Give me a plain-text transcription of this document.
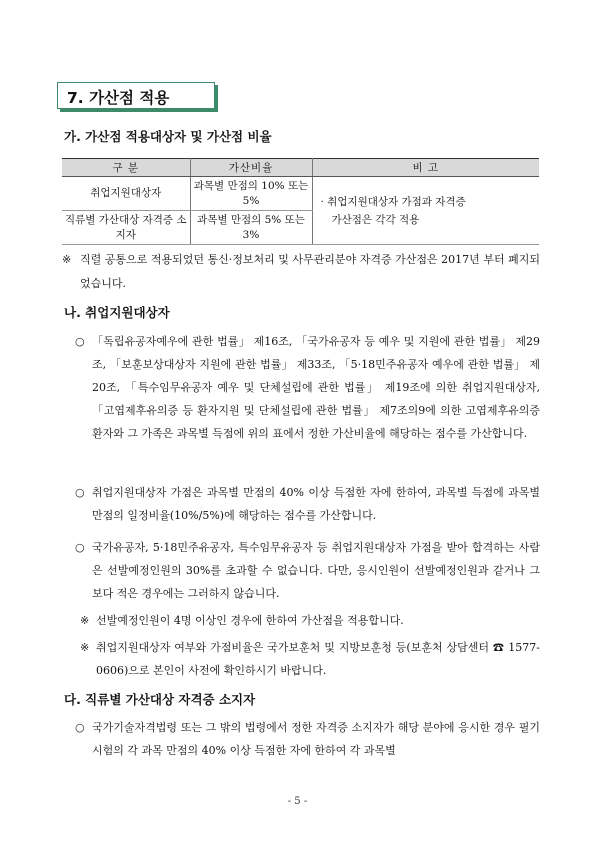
7. 가산점 적용
가. 가산점 적용대상자 및 가산점 비율
구 분	가산비율	비 고
취업지원대상자	과목별 만점의 10% 또는 5%	· 취업지원대상자 가점과 자격증
가산점은 각각 적용

직류별 가산대상 자격증 소지자	과목별 만점의 5% 또는 3%	
※ 직렬 공통으로 적용되었던 통신·정보처리 및 사무관리분야 자격증 가산점은 2017년 부터 폐지되었습니다.
나. 취업지원대상자
○ 「독립유공자예우에 관한 법률」 제16조, 「국가유공자 등 예우 및 지원에 관한 법률」 제29조, 「보훈보상대상자 지원에 관한 법률」 제33조, 「5·18민주유공자 예우에 관한 법률」 제20조, 「특수임무유공자 예우 및 단체설립에 관한 법률」 제19조에 의한 취업지원대상자, 「고엽제후유의증 등 환자지원 및 단체설립에 관한 법률」 제7조의9에 의한 고엽제후유의증환자와 그 가족은 과목별 득점에 위의 표에서 정한 가산비율에 해당하는 점수를 가산합니다.
○ 취업지원대상자 가점은 과목별 만점의 40% 이상 득점한 자에 한하여, 과목별 득점에 과목별 만점의 일정비율(10%/5%)에 해당하는 점수를 가산합니다.
○ 국가유공자, 5·18민주유공자, 특수임무유공자 등 취업지원대상자 가점을 받아 합격하는 사람은 선발예정인원의 30%를 초과할 수 없습니다. 다만, 응시인원이 선발예정인원과 같거나 그보다 적은 경우에는 그러하지 않습니다.
※ 선발예정인원이 4명 이상인 경우에 한하여 가산점을 적용합니다.
※ 취업지원대상자 여부와 가점비율은 국가보훈처 및 지방보훈청 등(보훈처 상담센터 ☎ 1577-0606)으로 본인이 사전에 확인하시기 바랍니다.
다. 직류별 가산대상 자격증 소지자
○ 국가기술자격법령 또는 그 밖의 법령에서 정한 자격증 소지자가 해당 분야에 응시한 경우 필기시험의 각 과목 만점의 40% 이상 득점한 자에 한하여 각 과목별
- 5 -
